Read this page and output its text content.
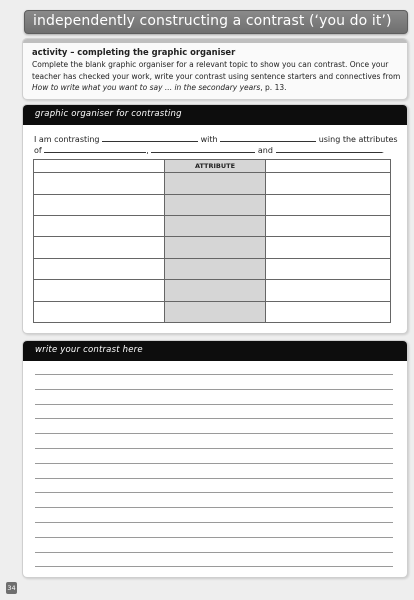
independently constructing a contrast (‘you do it’)
activity – completing the graphic organiser
Complete the blank graphic organiser for a relevant topic to show you can contrast. Once your teacher has checked your work, write your contrast using sentence starters and connectives from How to write what you want to say ... in the secondary years, p. 13.
graphic organiser for contrasting
I am contrasting	with	using the attributes
of	,	and	.
	ATTRIBUTE	

write your contrast here
34
